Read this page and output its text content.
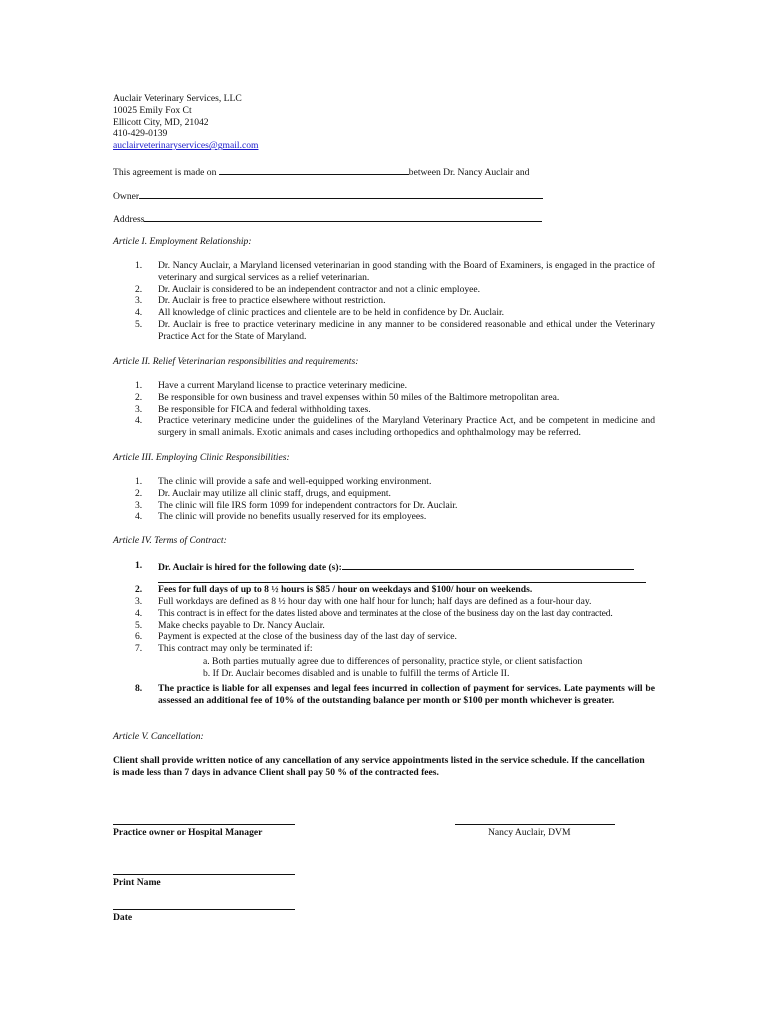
Auclair Veterinary Services, LLC
10025 Emily Fox Ct
Ellicott City, MD, 21042
410-429-0139
auclairveterinaryservices@gmail.com
This agreement is made on	between Dr. Nancy Auclair and
Owner
Address
Article I. Employment Relationship:
1.	Dr. Nancy Auclair, a Maryland licensed veterinarian in good standing with the Board of Examiners, is engaged in the practice of veterinary and surgical services as a relief veterinarian.
2.	Dr. Auclair is considered to be an independent contractor and not a clinic employee.
3.	Dr. Auclair is free to practice elsewhere without restriction.
4.	All knowledge of clinic practices and clientele are to be held in confidence by Dr. Auclair.
5.	Dr. Auclair is free to practice veterinary medicine in any manner to be considered reasonable and ethical under the Veterinary Practice Act for the State of Maryland.
Article II. Relief Veterinarian responsibilities and requirements:
1.	Have a current Maryland license to practice veterinary medicine.
2.	Be responsible for own business and travel expenses within 50 miles of the Baltimore metropolitan area.
3.	Be responsible for FICA and federal withholding taxes.
4.	Practice veterinary medicine under the guidelines of the Maryland Veterinary Practice Act, and be competent in medicine and surgery in small animals. Exotic animals and cases including orthopedics and ophthalmology may be referred.
Article III. Employing Clinic Responsibilities:
1.	The clinic will provide a safe and well-equipped working environment.
2.	Dr. Auclair may utilize all clinic staff, drugs, and equipment.
3.	The clinic will file IRS form 1099 for independent contractors for Dr. Auclair.
4.	The clinic will provide no benefits usually reserved for its employees.
Article IV. Terms of Contract:
1.	Dr. Auclair is hired for the following date (s):
2.	Fees for full days of up to 8 ½ hours is $85 / hour on weekdays and $100/ hour on weekends.
3.	Full workdays are defined as 8 ½ hour day with one half hour for lunch; half days are defined as a four-hour day.
4.	This contract is in effect for the dates listed above and terminates at the close of the business day on the last day contracted.
5.	Make checks payable to Dr. Nancy Auclair.
6.	Payment is expected at the close of the business day of the last day of service.
7.	This contract may only be terminated if:
a. Both parties mutually agree due to differences of personality, practice style, or client satisfaction
b. If Dr. Auclair becomes disabled and is unable to fulfill the terms of Article II.
8.	The practice is liable for all expenses and legal fees incurred in collection of payment for services. Late payments will be assessed an additional fee of 10% of the outstanding balance per month or $100 per month whichever is greater.
Article V. Cancellation:
Client shall provide written notice of any cancellation of any service appointments listed in the service schedule. If the cancellation is made less than 7 days in advance Client shall pay 50 % of the contracted fees.
Practice owner or Hospital Manager	Nancy Auclair, DVM
Print Name
Date
